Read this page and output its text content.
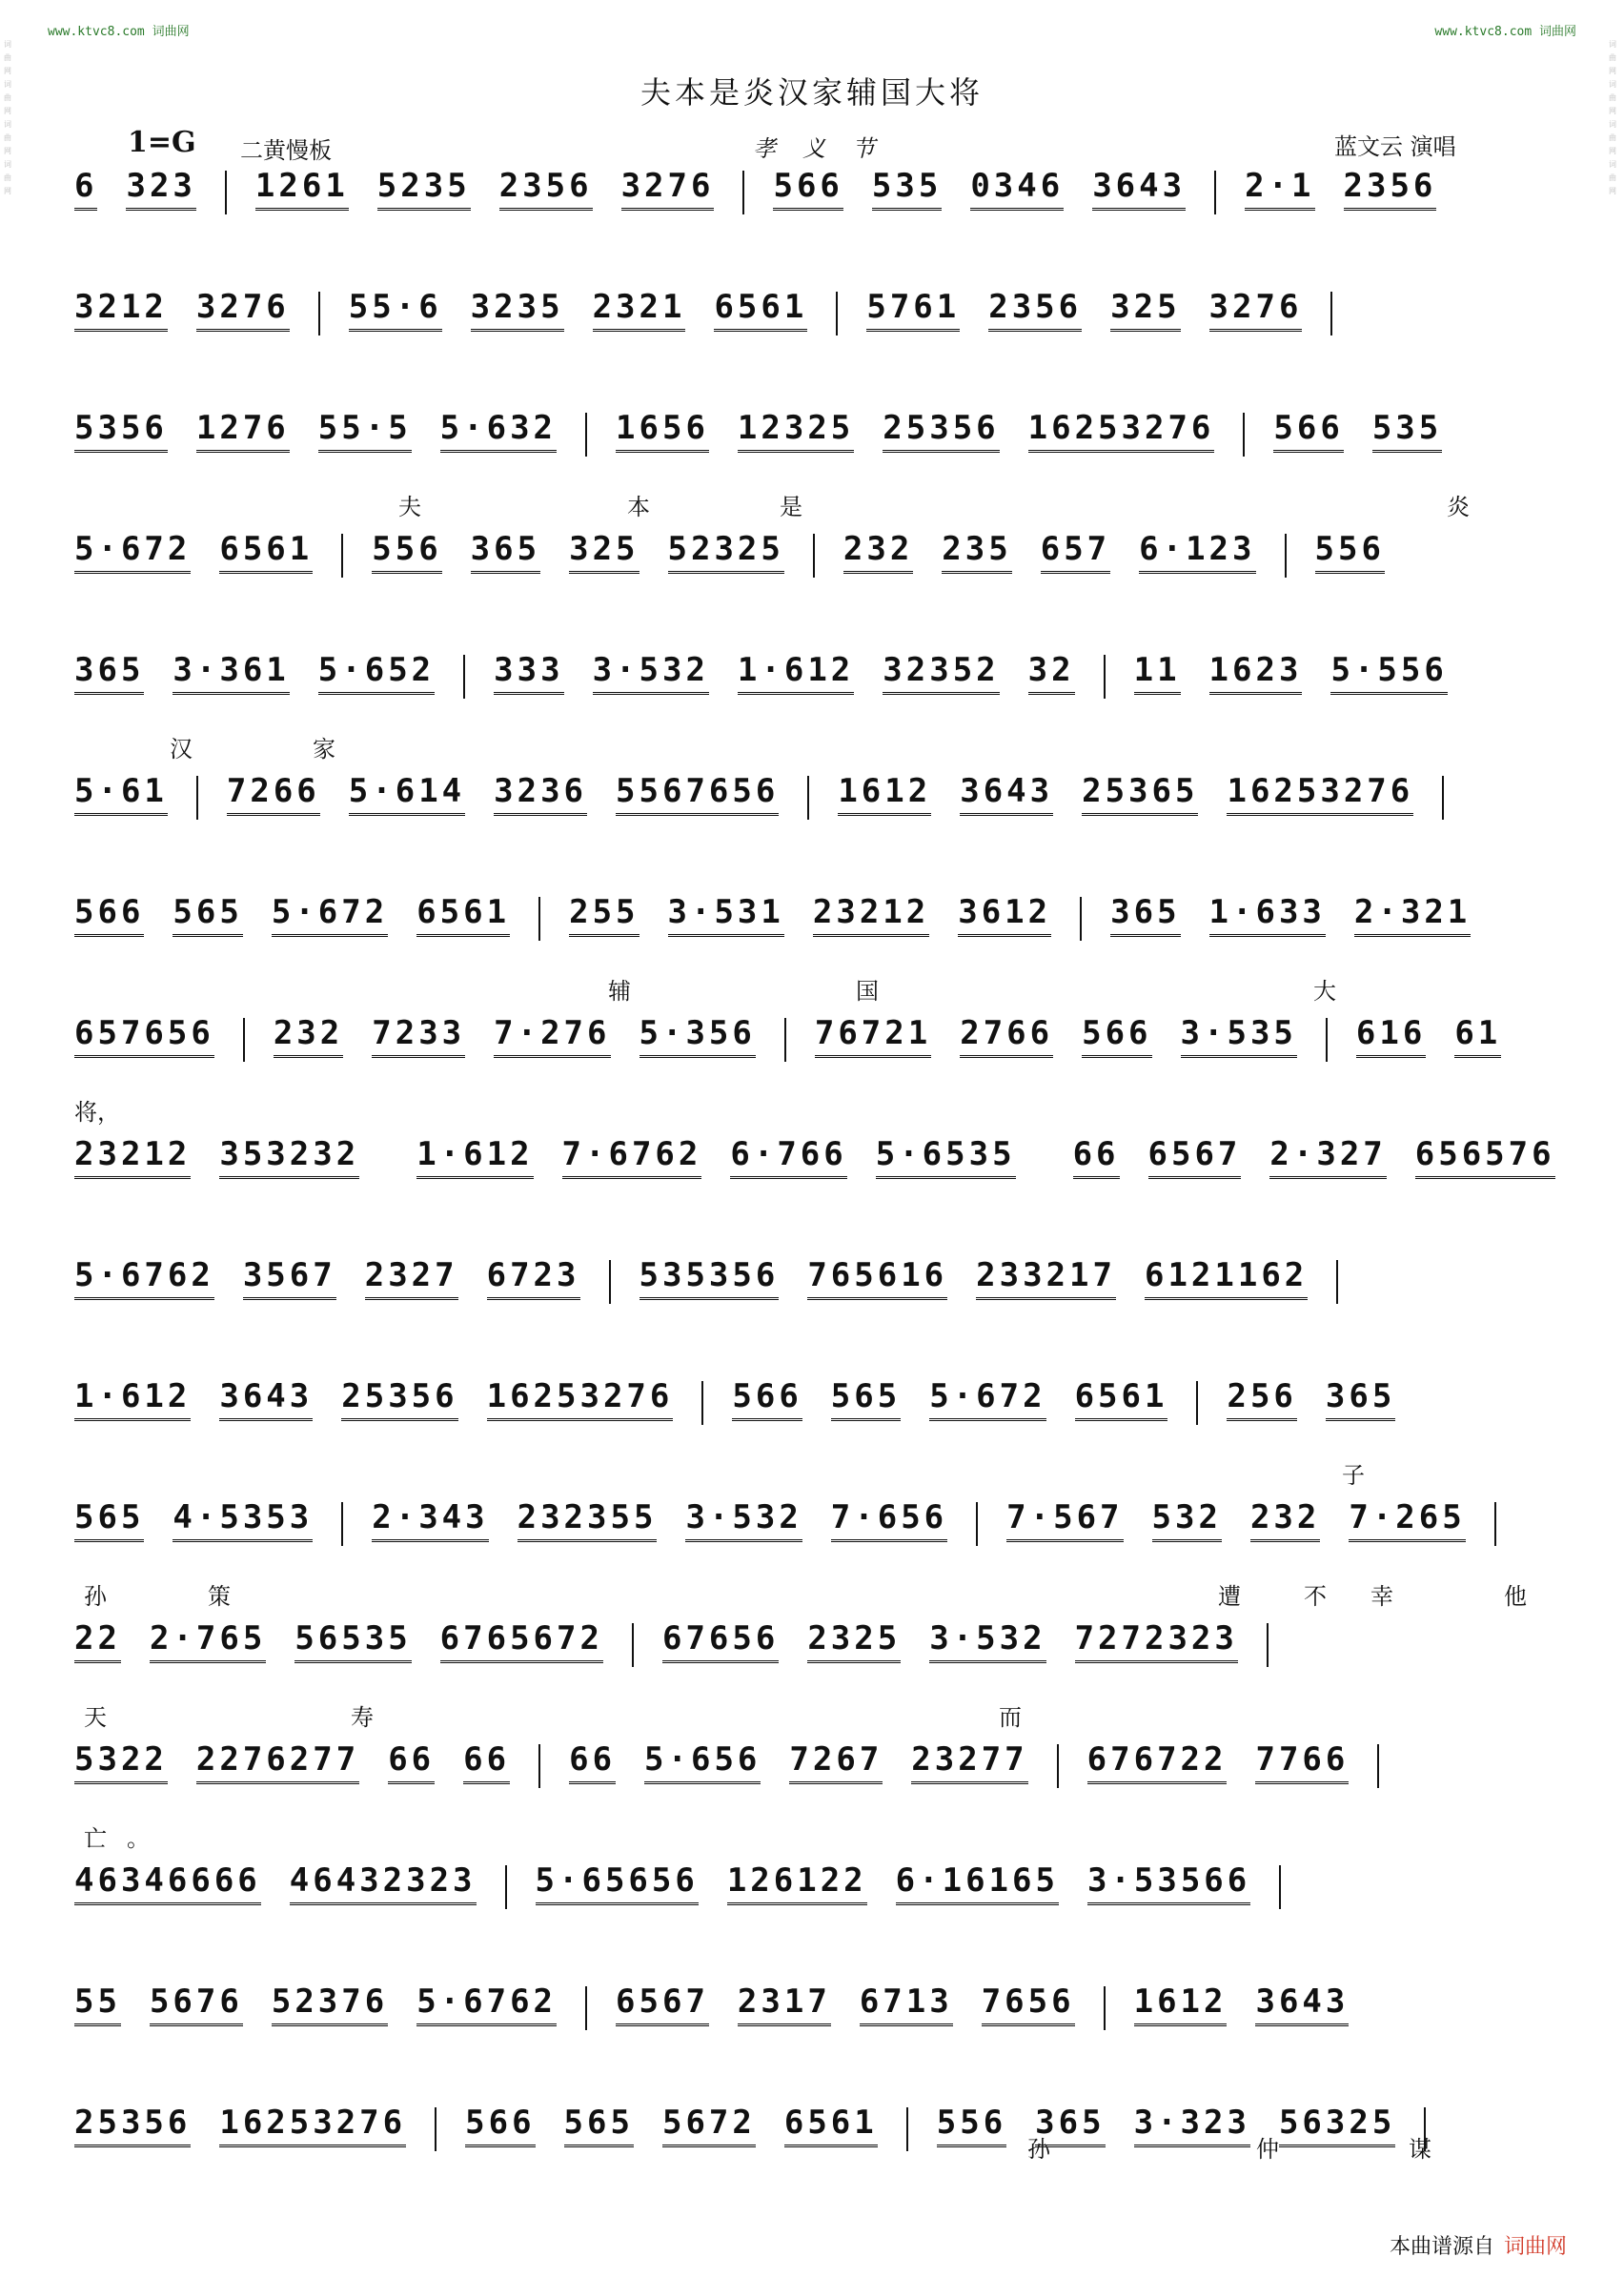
www.ktvc8.com 词曲网	www.ktvc8.com 词曲网
词曲网词曲网词曲网词曲网
词曲网词曲网词曲网词曲网
夫本是炎汉家辅国大将
1=G 二黄慢板	孝义节	蓝文云 演唱
6 323 1261 5235 2356 3276 566 535 0346 3643 2·1 2356
3212 3276 55·6 3235 2321 6561 5761 2356 325 3276
5356 1276 55·5 5·632 1656 12325 25356 16253276 566 535
夫	本	是	炎
5·672 6561 556 365 325 52325 232 235 657 6·123 556
365 3·361 5·652 333 3·532 1·612 32352 32 11 1623 5·556
汉	家
5·61 7266 5·614 3236 5567656 1612 3643 25365 16253276
566 565 5·672 6561 255 3·531 23212 3612 365 1·633 2·321
辅	国	大
657656 232 7233 7·276 5·356 76721 2766 566 3·535 616 61
将，
23212 353232 1·612 7·6762 6·766 5·6535 66 6567 2·327 656576
5·6762 3567 2327 6723 535356 765616 233217 6121162
1·612 3643 25356 16253276 566 565 5·672 6561 256 365
子
565 4·5353 2·343 232355 3·532 7·656 7·567 532 232 7·265
孙	策	遭	不 幸	他
22 2·765 56535 6765672 67656 2325 3·532 7272323
天	寿	而
5322 2276277 66 66 66 5·656 7267 23277 676722 7766
亡 。
46346666 46432323 5·65656 126122 6·16165 3·53566
55 5676 52376 5·6762 6567 2317 6713 7656 1612 3643
25356 16253276 566 565 5672 6561 556 365 3·323 56325
孙	仲	谋
本曲谱源自 词曲网
